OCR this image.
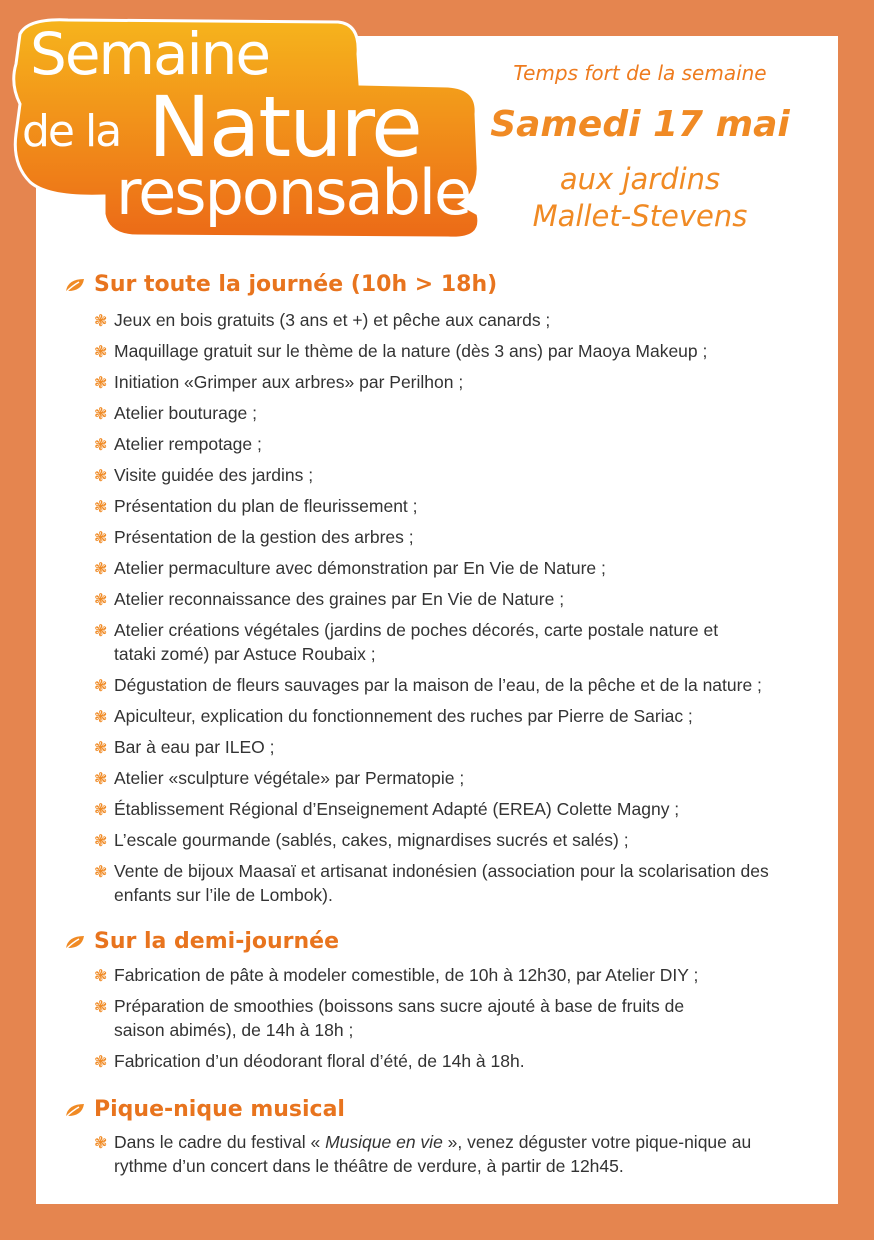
Semaine
de la Nature
responsable
Temps fort de la semaine
Samedi 17 mai
aux jardins
Mallet-Stevens
Sur toute la journée (10h > 18h)
❃ Jeux en bois gratuits (3 ans et +) et pêche aux canards ;
❃ Maquillage gratuit sur le thème de la nature (dès 3 ans) par Maoya Makeup ;
❃ Initiation «Grimper aux arbres» par Perilhon ;
❃ Atelier bouturage ;
❃ Atelier rempotage ;
❃ Visite guidée des jardins ;
❃ Présentation du plan de fleurissement ;
❃ Présentation de la gestion des arbres ;
❃ Atelier permaculture avec démonstration par En Vie de Nature ;
❃ Atelier reconnaissance des graines par En Vie de Nature ;
❃ Atelier créations végétales (jardins de poches décorés, carte postale nature et tataki zomé) par Astuce Roubaix ;
❃ Dégustation de fleurs sauvages par la maison de l’eau, de la pêche et de la nature ;
❃ Apiculteur, explication du fonctionnement des ruches par Pierre de Sariac ;
❃ Bar à eau par ILEO ;
❃ Atelier «sculpture végétale» par Permatopie ;
❃ Établissement Régional d’Enseignement Adapté (EREA) Colette Magny ;
❃ L’escale gourmande (sablés, cakes, mignardises sucrés et salés) ;
❃ Vente de bijoux Maasaï et artisanat indonésien (association pour la scolarisation des enfants sur l’ile de Lombok).
Sur la demi-journée
❃ Fabrication de pâte à modeler comestible, de 10h à 12h30, par Atelier DIY ;
❃ Préparation de smoothies (boissons sans sucre ajouté à base de fruits de saison abimés), de 14h à 18h ;
❃ Fabrication d’un déodorant floral d’été, de 14h à 18h.
Pique-nique musical
❃ Dans le cadre du festival « Musique en vie », venez déguster votre pique-nique au rythme d’un concert dans le théâtre de verdure, à partir de 12h45.
